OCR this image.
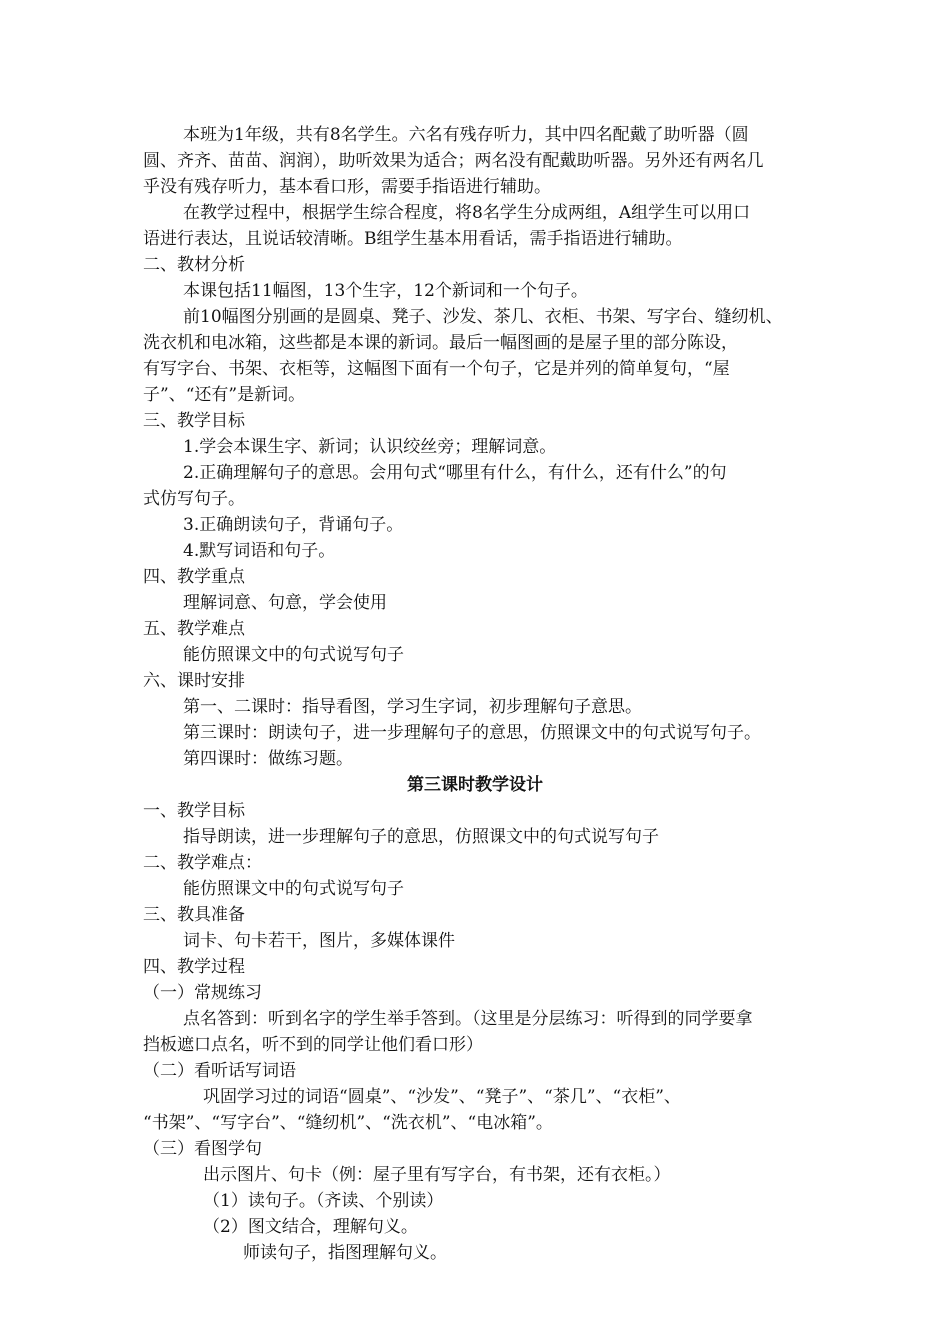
本班为1年级，共有8名学生。六名有残存听力，其中四名配戴了助听器（圆
圆、齐齐、苗苗、润润），助听效果为适合；两名没有配戴助听器。另外还有两名几
乎没有残存听力，基本看口形，需要手指语进行辅助。
在教学过程中，根据学生综合程度，将8名学生分成两组，A组学生可以用口
语进行表达，且说话较清晰。B组学生基本用看话，需手指语进行辅助。
二、教材分析
本课包括11幅图，13个生字，12个新词和一个句子。
前10幅图分别画的是圆桌、凳子、沙发、茶几、衣柜、书架、写字台、缝纫机、
洗衣机和电冰箱，这些都是本课的新词。最后一幅图画的是屋子里的部分陈设，
有写字台、书架、衣柜等，这幅图下面有一个句子，它是并列的简单复句，“屋
子”、“还有”是新词。
三、教学目标
1.学会本课生字、新词；认识绞丝旁；理解词意。
2.正确理解句子的意思。会用句式“哪里有什么，有什么，还有什么”的句
式仿写句子。
3.正确朗读句子，背诵句子。
4.默写词语和句子。
四、教学重点
理解词意、句意，学会使用
五、教学难点
能仿照课文中的句式说写句子
六、课时安排
第一、二课时：指导看图，学习生字词，初步理解句子意思。
第三课时：朗读句子，进一步理解句子的意思，仿照课文中的句式说写句子。
第四课时：做练习题。
第三课时教学设计
一、教学目标
指导朗读，进一步理解句子的意思，仿照课文中的句式说写句子
二、教学难点：
能仿照课文中的句式说写句子
三、教具准备
词卡、句卡若干，图片，多媒体课件
四、教学过程
（一）常规练习
点名答到：听到名字的学生举手答到。（这里是分层练习：听得到的同学要拿
挡板遮口点名，听不到的同学让他们看口形）
（二）看听话写词语
巩固学习过的词语“圆桌”、“沙发”、“凳子”、“茶几”、“衣柜”、
“书架”、“写字台”、“缝纫机”、“洗衣机”、“电冰箱”。
（三）看图学句
出示图片、句卡（例：屋子里有写字台，有书架，还有衣柜。）
（1）读句子。（齐读、个别读）
（2）图文结合，理解句义。
师读句子，指图理解句义。
